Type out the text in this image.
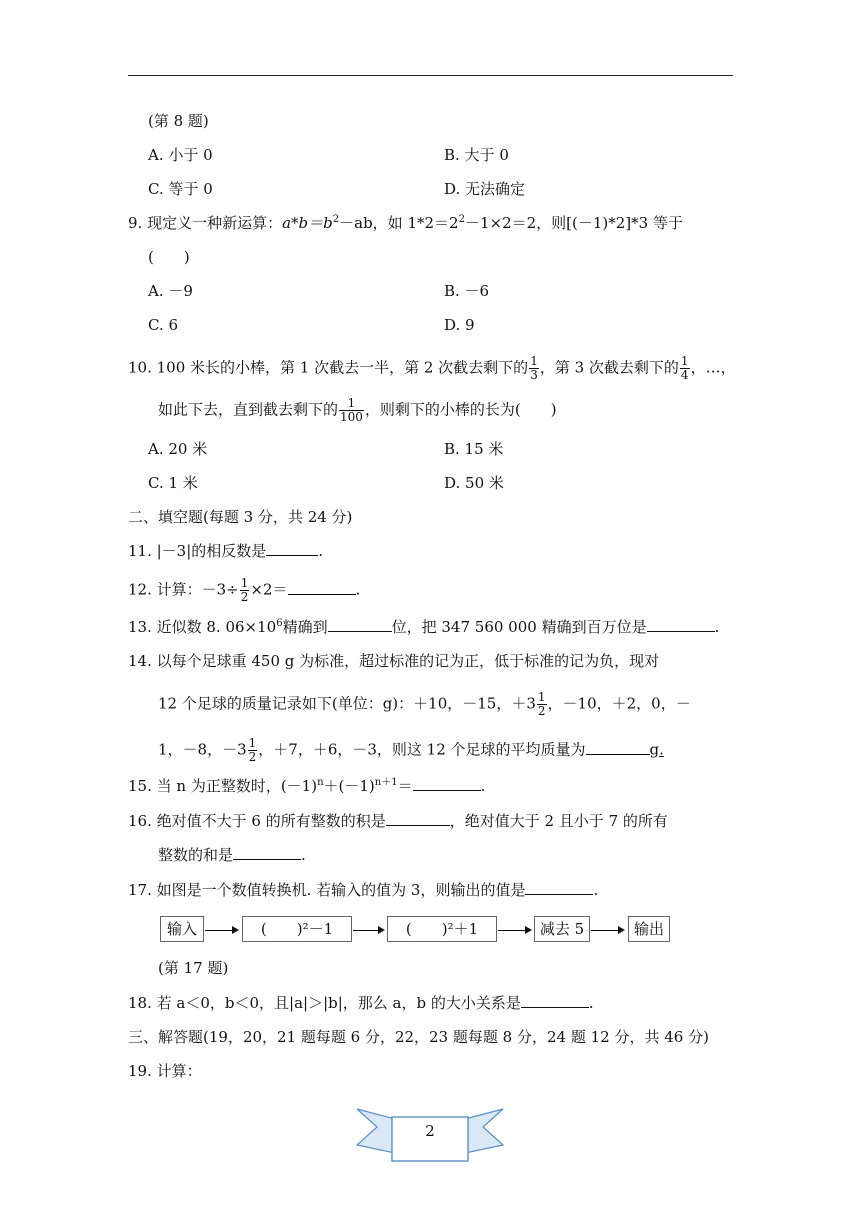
(第 8 题)
A. 小于 0	B. 大于 0
C. 等于 0	D. 无法确定
9. 现定义一种新运算：$a*b=b^2-ab$，如 $1*2=2^2-1\times 2=2$，则[(－1)*2]*3 等于
(　　)
A. －9	B. －6
C. 6	D. 9
10. 100 米长的小棒，第 1 次截去一半，第 2 次截去剩下的 $\frac{1}{3}$ ，第 3 次截去剩下的 $\frac{1}{4}$ ，…，
如此下去，直到截去剩下的 $\frac{1}{100}$ ，则剩下的小棒的长为(　　)
A. 20 米	B. 15 米
C. 1 米	D. 50 米
二、填空题(每题 3 分，共 24 分)
11. |－3|的相反数是	.
12. 计算：$-3\div \frac{1}{2} \times 2=$	.
13. 近似数 8. $06\times 10^6$精确到	位，把 347 560 000 精确到百万位是	.
14. 以每个足球重 450 g 为标准，超过标准的记为正，低于标准的记为负，现对
12 个足球的质量记录如下(单位：g)：＋10，－15，$+3 \frac{1}{2}$ ，－10，＋2，0，－
1，－8，$-3 \frac{1}{2}$ ，＋7，＋6，－3，则这 12 个足球的平均质量为	g.
15. 当 n 为正整数时，$(-1)^n+(-1)^{n+1}=$	.
16. 绝对值不大于 6 的所有整数的积是	，绝对值大于 2 且小于 7 的所有
整数的和是	.
17. 如图是一个数值转换机. 若输入的值为 3，则输出的值是	.
输入	(　　)²－1	(　　)²＋1	减去 5	输出
(第 17 题)
18. 若 a＜0，b＜0，且|a|＞|b|，那么 a，b 的大小关系是	.
三、解答题(19，20，21 题每题 6 分，22，23 题每题 8 分，24 题 12 分，共 46 分)
19. 计算：
2
